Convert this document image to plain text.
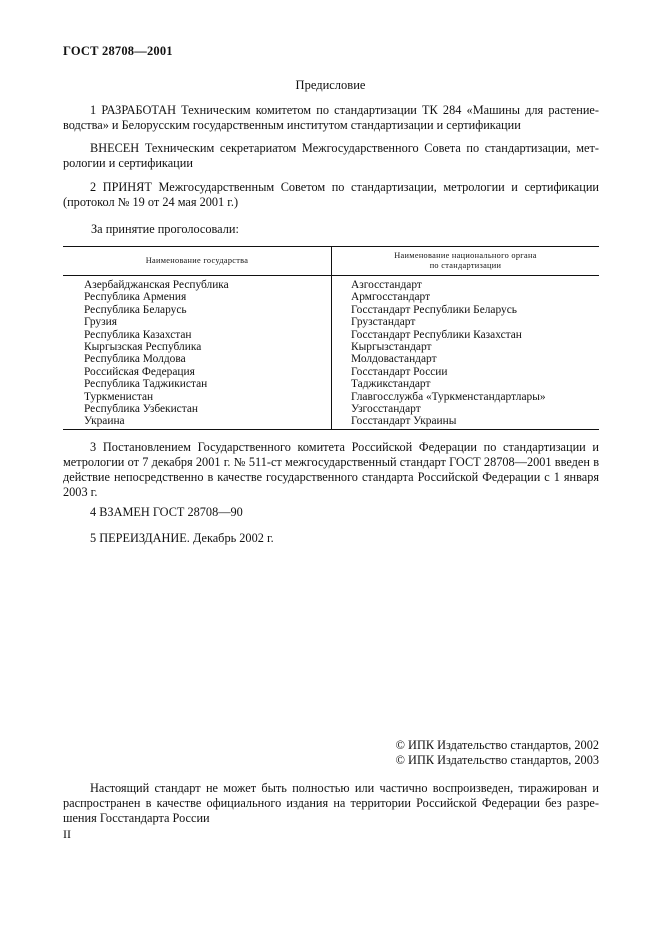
ГОСТ 28708—2001
Предисловие
1 РАЗРАБОТАН Техническим комитетом по стандартизации ТК 284 «Машины для растениеводства» и Белорусским государственным институтом стандартизации и сертификации
ВНЕСЕН Техническим секретариатом Межгосударственного Совета по стандартизации, метрологии и сертификации
2 ПРИНЯТ Межгосударственным Советом по стандартизации, метрологии и сертификации (протокол № 19 от 24 мая 2001 г.)
За принятие проголосовали:
Наименование государства
Наименование национального органа
по стандартизации
Азербайджанская Республика
Республика Армения
Республика Беларусь
Грузия
Республика Казахстан
Кыргызская Республика
Республика Молдова
Российская Федерация
Республика Таджикистан
Туркменистан
Республика Узбекистан
Украина
Азгосстандарт
Армгосстандарт
Госстандарт Республики Беларусь
Грузстандарт
Госстандарт Республики Казахстан
Кыргызстандарт
Молдовастандарт
Госстандарт России
Таджикстандарт
Главгосслужба «Туркменстандартлары»
Узгосстандарт
Госстандарт Украины
3 Постановлением Государственного комитета Российской Федерации по стандартизации и метрологии от 7 декабря 2001 г. № 511-ст межгосударственный стандарт ГОСТ 28708—2001 введен в действие непосредственно в качестве государственного стандарта Российской Федерации с 1 января 2003 г.
4 ВЗАМЕН ГОСТ 28708—90
5 ПЕРЕИЗДАНИЕ. Декабрь 2002 г.
© ИПК Издательство стандартов, 2002
© ИПК Издательство стандартов, 2003
Настоящий стандарт не может быть полностью или частично воспроизведен, тиражирован и распространен в качестве официального издания на территории Российской Федерации без разрешения Госстандарта России
II
